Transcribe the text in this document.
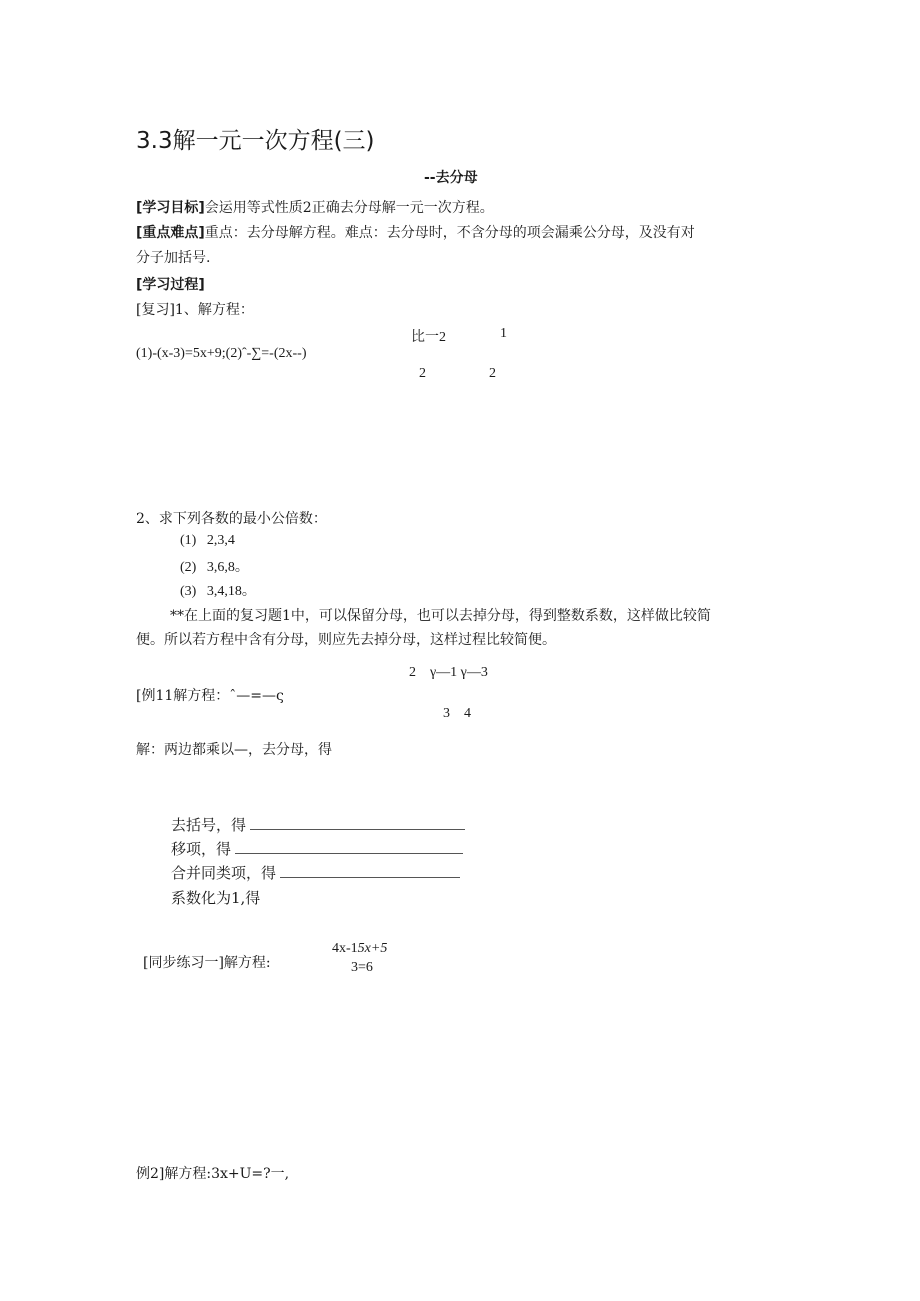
3.3解一元一次方程(三)
--去分母
[学习目标]会运用等式性质2正确去分母解一元一次方程。
[重点难点]重点：去分母解方程。难点：去分母时，不含分母的项会漏乘公分母，及没有对
分子加括号.
[学习过程]
[复习]1、解方程：
比一2	1
(1)-(x-3)=5x+9;(2)ˆ-∑=-(2x--)
2	2
2、求下列各数的最小公倍数：
(1)   2,3,4
(2)   3,6,8。
(3)   3,4,18。
**在上面的复习题1中，可以保留分母，也可以去掉分母，得到整数系数，这样做比较简
便。所以若方程中含有分母，则应先去掉分母，这样过程比较简便。
2    γ—1 γ—3
[例11解方程：ˆ—=—ς
3    4
解：两边都乘以—，去分母，得
去括号，得
移项，得
合并同类项，得
系数化为1,得
4x-15x+5
[同步练习一]解方程:	3=6
例2]解方程:3x+U=?一,
